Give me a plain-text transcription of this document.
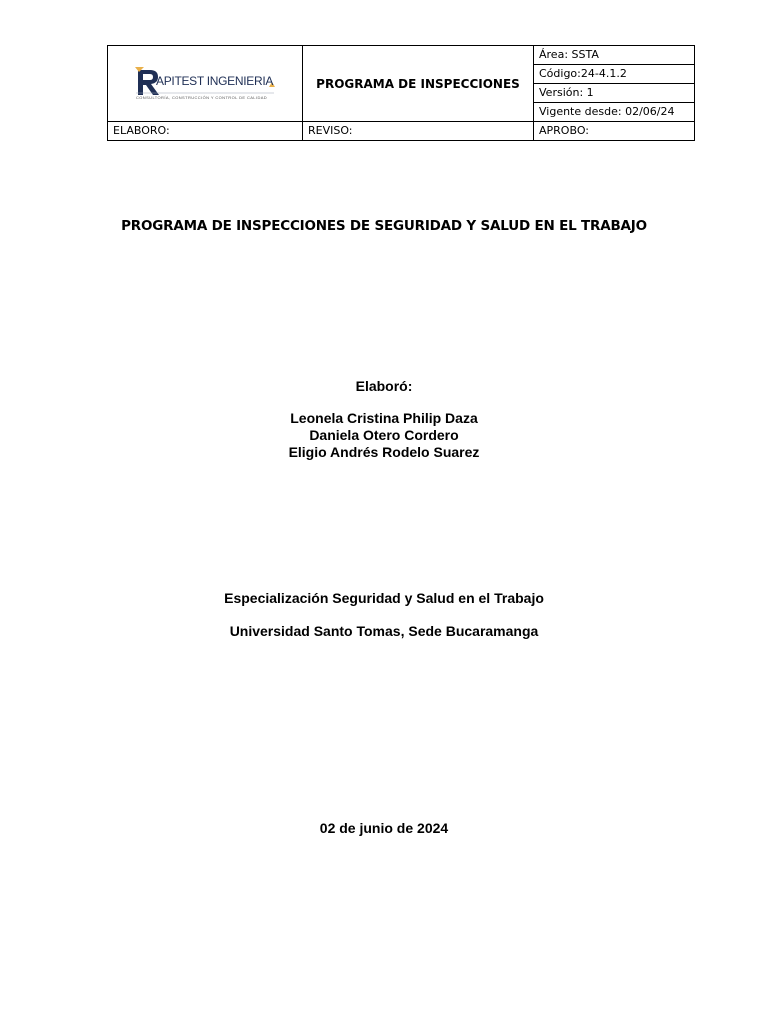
APITEST INGENIERIA
CONSULTORÍA, CONSTRUCCIÓN Y CONTROL DE CALIDAD	PROGRAMA DE INSPECCIONES	Área: SSTA
		Código:24-4.1.2
		Versión: 1
		Vigente desde: 02/06/24
ELABORO:	REVISO:	APROBO:
PROGRAMA DE INSPECCIONES DE SEGURIDAD Y SALUD EN EL TRABAJO
Elaboró:
Leonela Cristina Philip Daza
Daniela Otero Cordero
Eligio Andrés Rodelo Suarez
Especialización Seguridad y Salud en el Trabajo
Universidad Santo Tomas, Sede Bucaramanga
02 de junio de 2024
